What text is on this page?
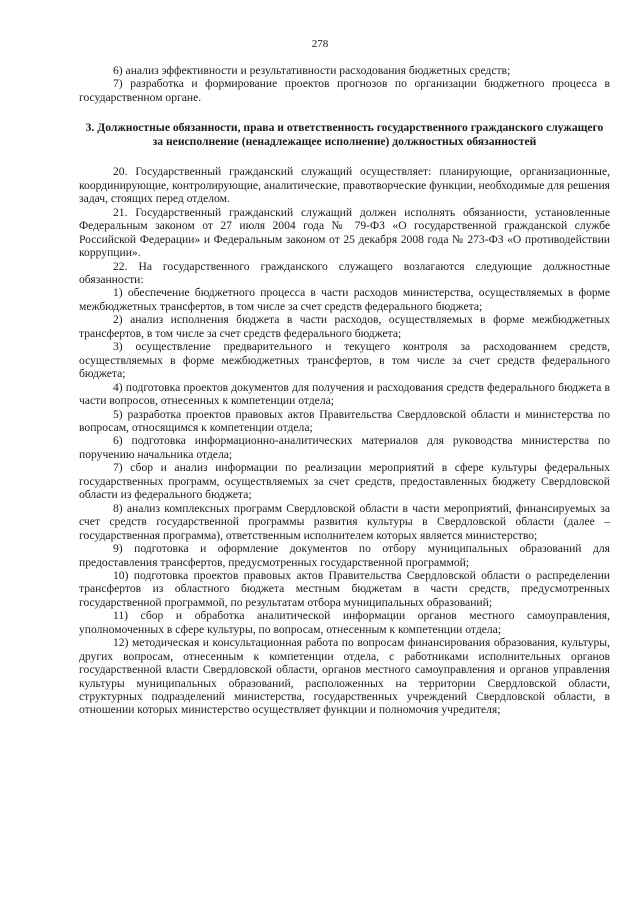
278

6) анализ эффективности и результативности расходования бюджетных средств;

7) разработка и формирование проектов прогнозов по организации бюджетного процесса в государственном органе.

3. Должностные обязанности, права и ответственность государственного гражданского служащего за неисполнение (ненадлежащее исполнение) должностных обязанностей

20. Государственный гражданский служащий осуществляет: планирующие, организационные, координирующие, контролирующие, аналитические, правотворческие функции, необходимые для решения задач, стоящих перед отделом.

21. Государственный гражданский служащий должен исполнять обязанности, установленные Федеральным законом от 27 июля 2004 года № 79-ФЗ «О государственной гражданской службе Российской Федерации» и Федеральным законом от 25 декабря 2008 года № 273-ФЗ «О противодействии коррупции».

22. На государственного гражданского служащего возлагаются следующие должностные обязанности:

1) обеспечение бюджетного процесса в части расходов министерства, осуществляемых в форме межбюджетных трансфертов, в том числе за счет средств федерального бюджета;

2) анализ исполнения бюджета в части расходов, осуществляемых в форме межбюджетных трансфертов, в том числе за счет средств федерального бюджета;

3) осуществление предварительного и текущего контроля за расходованием средств, осуществляемых в форме межбюджетных трансфертов, в том числе за счет средств федерального бюджета;

4) подготовка проектов документов для получения и расходования средств федерального бюджета в части вопросов, отнесенных к компетенции отдела;

5) разработка проектов правовых актов Правительства Свердловской области и министерства по вопросам, относящимся к компетенции отдела;

6) подготовка информационно-аналитических материалов для руководства министерства по поручению начальника отдела;

7) сбор и анализ информации по реализации мероприятий в сфере культуры федеральных государственных программ, осуществляемых за счет средств, предоставленных бюджету Свердловской области из федерального бюджета;

8) анализ комплексных программ Свердловской области в части мероприятий, финансируемых за счет средств государственной программы развития культуры в Свердловской области (далее – государственная программа), ответственным исполнителем которых является министерство;

9) подготовка и оформление документов по отбору муниципальных образований для предоставления трансфертов, предусмотренных государственной программой;

10) подготовка проектов правовых актов Правительства Свердловской области о распределении трансфертов из областного бюджета местным бюджетам в части средств, предусмотренных государственной программой, по результатам отбора муниципальных образований;

11) сбор и обработка аналитической информации органов местного самоуправления, уполномоченных в сфере культуры, по вопросам, отнесенным к компетенции отдела;

12) методическая и консультационная работа по вопросам финансирования образования, культуры, других вопросам, отнесенным к компетенции отдела, с работниками исполнительных органов государственной власти Свердловской области, органов местного самоуправления и органов управления культуры муниципальных образований, расположенных на территории Свердловской области, структурных подразделений министерства, государственных учреждений Свердловской области, в отношении которых министерство осуществляет функции и полномочия учредителя;
